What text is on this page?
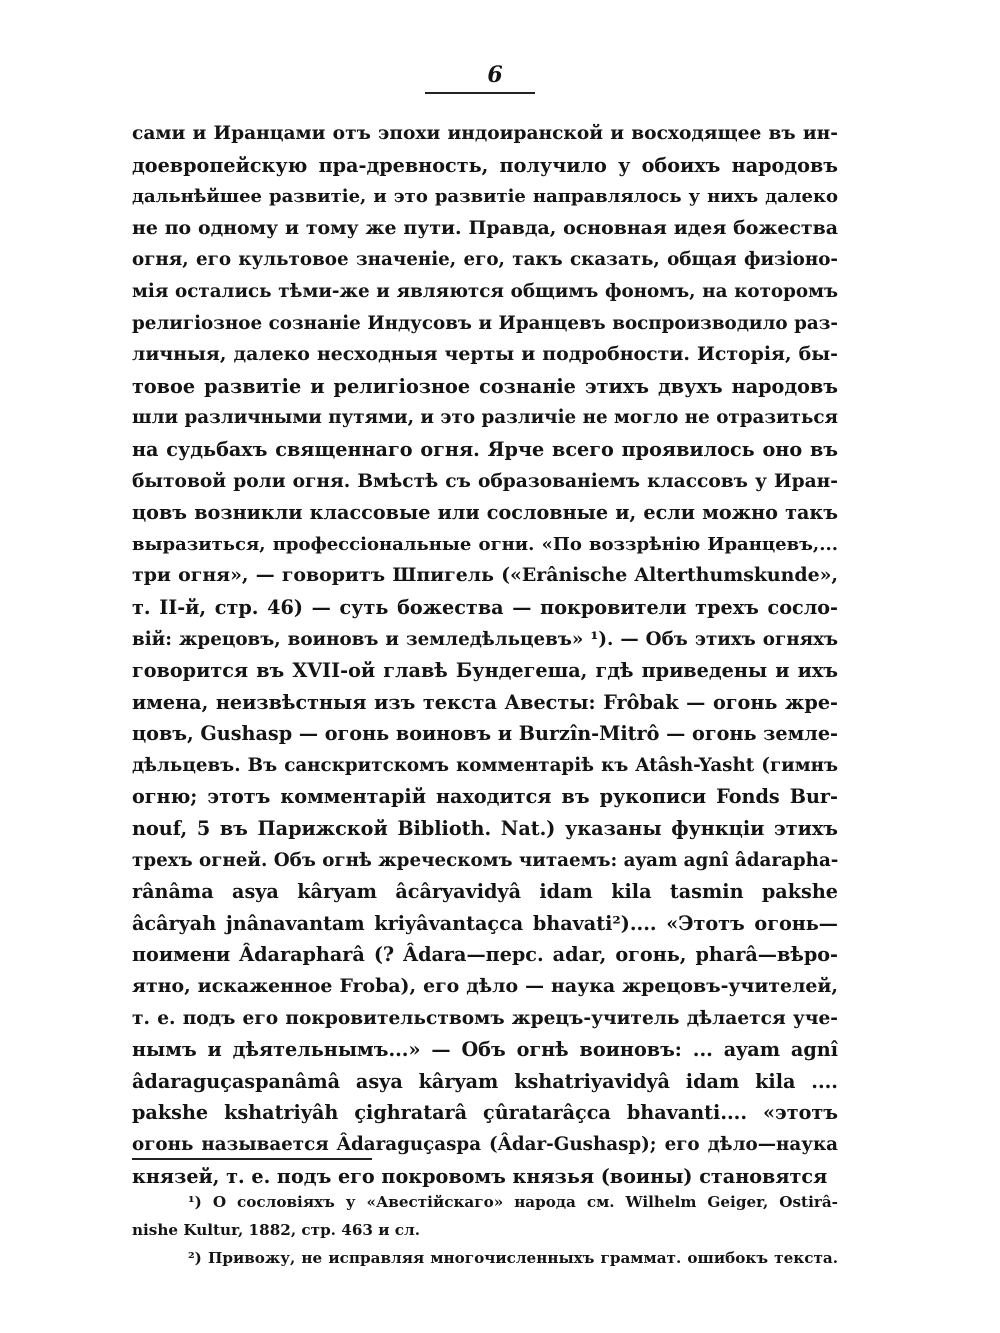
6
сами и Иранцами отъ эпохи индоиранской и восходящее въ ин-
доевропейскую пра-древность, получило у обоихъ народовъ
дальнѣйшее развитіе, и это развитіе направлялось у нихъ далеко
не по одному и тому же пути. Правда, основная идея божества
огня, его культовое значеніе, его, такъ сказать, общая физіоно-
мія остались тѣми-же и являются общимъ фономъ, на которомъ
религіозное сознаніе Индусовъ и Иранцевъ воспроизводило раз-
личныя, далеко несходныя черты и подробности. Исторія, бы-
товое развитіе и религіозное сознаніе этихъ двухъ народовъ
шли различными путями, и это различіе не могло не отразиться
на судьбахъ священнаго огня. Ярче всего проявилось оно въ
бытовой роли огня. Вмѣстѣ съ образованіемъ классовъ у Иран-
цовъ возникли классовые или сословные и, если можно такъ
выразиться, профессіональные огни. «По воззрѣнію Иранцевъ,...
три огня», — говоритъ Шпигель («Erânische Alterthumskunde»,
т. II-й, стр. 46) — суть божества — покровители трехъ сосло-
вій: жрецовъ, воиновъ и земледѣльцевъ» ¹). — Объ этихъ огняхъ
говорится въ XVII-ой главѣ Бундегеша, гдѣ приведены и ихъ
имена, неизвѣстныя изъ текста Авесты: Frôbak — огонь жре-
цовъ, Gushasp — огонь воиновъ и Burzîn-Mitrô — огонь земле-
дѣльцевъ. Въ санскритскомъ комментаріѣ къ Atâsh-Yasht (гимнъ
огню; этотъ комментарій находится въ рукописи Fonds Bur-
nouf, 5 въ Парижской Biblioth. Nat.) указаны функціи этихъ
трехъ огней. Объ огнѣ жреческомъ читаемъ: ayam agnî âdarapha-
rânâma asya kâryam âcâryavidyâ idam kila tasmin pakshe
âcâryah jnânavantam kriyâvantaçca bhavati²).... «Этотъ огонь—
поимени Âdarapharâ (? Âdara—перс. adar, огонь, pharâ—вѣро-
ятно, искаженное Froba), его дѣло — наука жрецовъ-учителей,
т. е. подъ его покровительствомъ жрецъ-учитель дѣлается уче-
нымъ и дѣятельнымъ...» — Объ огнѣ воиновъ: ... ayam agnî
âdaraguçaspanâmâ asya kâryam kshatriyavidyâ idam kila ....
pakshe kshatriyâh çighratarâ çûratarâçca bhavanti.... «этотъ
огонь называется Âdaraguçaspa (Âdar-Gushasp); его дѣло—наука
князей, т. е. подъ его покровомъ князья (воины) становятся
¹) О сословіяхъ у «Авестійскаго» народа см. Wilhelm Geiger, Ostirâ-
nishe Kultur, 1882, стр. 463 и сл.
²) Привожу, не исправляя многочисленныхъ граммат. ошибокъ текста.
